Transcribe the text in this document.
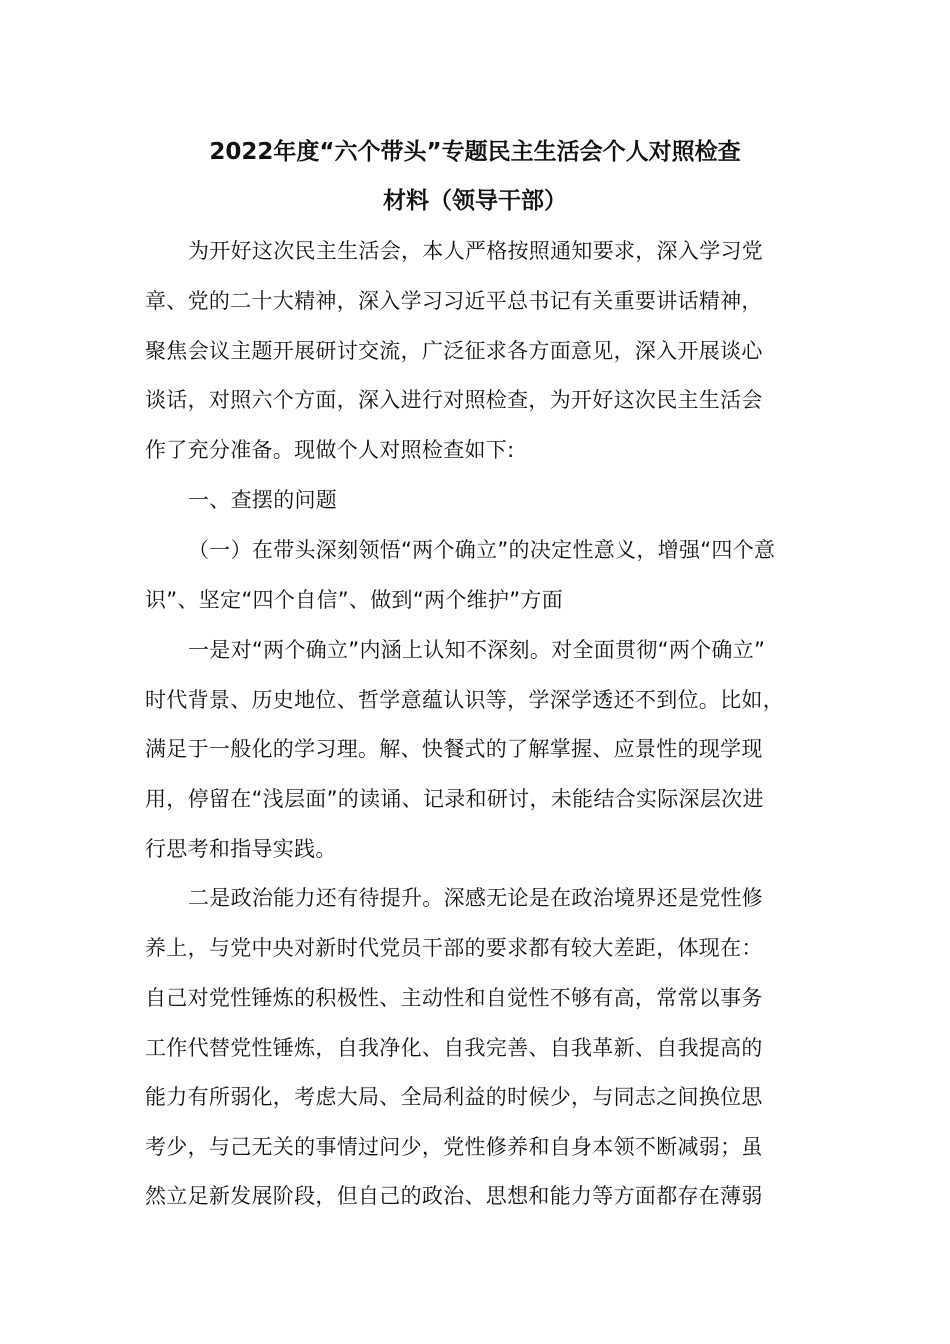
2022年度“六个带头”专题民主生活会个人对照检查
材料（领导干部）
为开好这次民主生活会，本人严格按照通知要求，深入学习党
章、党的二十大精神，深入学习习近平总书记有关重要讲话精神，
聚焦会议主题开展研讨交流，广泛征求各方面意见，深入开展谈心
谈话，对照六个方面，深入进行对照检查，为开好这次民主生活会
作了充分准备。现做个人对照检查如下:
一、查摆的问题
（一）在带头深刻领悟“两个确立”的决定性意义，增强“四个意
识”、坚定“四个自信”、做到“两个维护”方面
一是对“两个确立”内涵上认知不深刻。对全面贯彻“两个确立”
时代背景、历史地位、哲学意蕴认识等，学深学透还不到位。比如，
满足于一般化的学习理。解、快餐式的了解掌握、应景性的现学现
用，停留在“浅层面”的读诵、记录和研讨，未能结合实际深层次进
行思考和指导实践。
二是政治能力还有待提升。深感无论是在政治境界还是党性修
养上，与党中央对新时代党员干部的要求都有较大差距，体现在：
自己对党性锤炼的积极性、主动性和自觉性不够有高，常常以事务
工作代替党性锤炼，自我净化、自我完善、自我革新、自我提高的
能力有所弱化，考虑大局、全局利益的时候少，与同志之间换位思
考少，与己无关的事情过问少，党性修养和自身本领不断减弱；虽
然立足新发展阶段，但自己的政治、思想和能力等方面都存在薄弱
